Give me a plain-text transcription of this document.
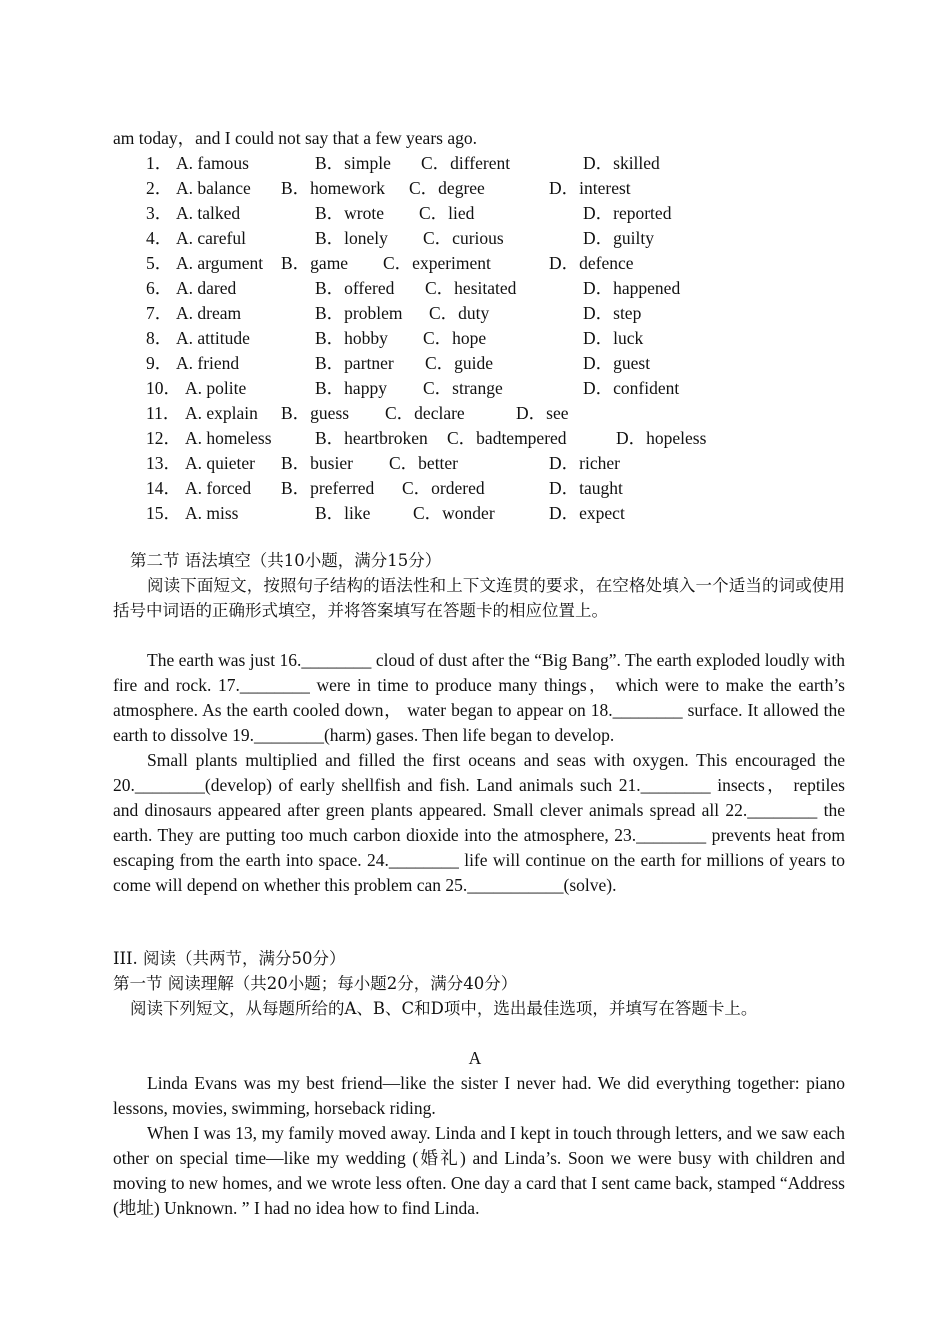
am today，and I could not say that a few years ago.
1． A. famous	B．simple C．different	D．skilled
2． A. balance B．homework C．degree	D．interest
3． A. talked	B．wrote C．lied	D．reported
4． A. careful	B．lonely C．curious	D．guilty
5． A. argument B．game C．experiment	D．defence
6． A. dared	B．offered C．hesitated	D．happened
7． A. dream	B．problem C．duty	D．step
8． A. attitude	B．hobby C．hope	D．luck
9． A. friend	B．partner C．guide	D．guest
10． A. polite	B．happy C．strange	D．confident
11． A. explain B．guess C．declare	D．see
12． A. homeless B．heartbroken C．badtempered	D．hopeless
13． A. quieter B．busier C．better	D．richer
14． A. forced B．preferred C．ordered	D．taught
15． A. miss	B．like C．wonder	D．expect
第二节 语法填空（共10小题，满分15分）
阅读下面短文，按照句子结构的语法性和上下文连贯的要求，在空格处填入一个适当的词或使用括号中词语的正确形式填空，并将答案填写在答题卡的相应位置上。

The earth was just 16.________ cloud of dust after the “Big Bang”. The earth exploded loudly with fire and rock. 17.________ were in time to produce many things， which were to make the earth’s atmosphere. As the earth cooled down， water began to appear on 18.________ surface. It allowed the earth to dissolve 19.________(harm) gases. Then life began to develop.

Small plants multiplied and filled the first oceans and seas with oxygen. This encouraged the 20.________(develop) of early shellfish and fish. Land animals such 21.________ insects， reptiles and dinosaurs appeared after green plants appeared. Small clever animals spread all 22.________ the earth. They are putting too much carbon dioxide into the atmosphere, 23.________ prevents heat from escaping from the earth into space. 24.________ life will continue on the earth for millions of years to come will depend on whether this problem can 25.___________(solve).

III. 阅读（共两节，满分50分）
第一节 阅读理解（共20小题；每小题2分，满分40分）
阅读下列短文，从每题所给的A、B、C和D项中，选出最佳选项，并填写在答题卡上。
A

Linda Evans was my best friend—like the sister I never had. We did everything together: piano lessons, movies, swimming, horseback riding.

When I was 13, my family moved away. Linda and I kept in touch through letters, and we saw each other on special time—like my wedding (婚礼) and Linda’s. Soon we were busy with children and moving to new homes, and we wrote less often. One day a card that I sent came back, stamped “Address (地址) Unknown. ” I had no idea how to find Linda.
